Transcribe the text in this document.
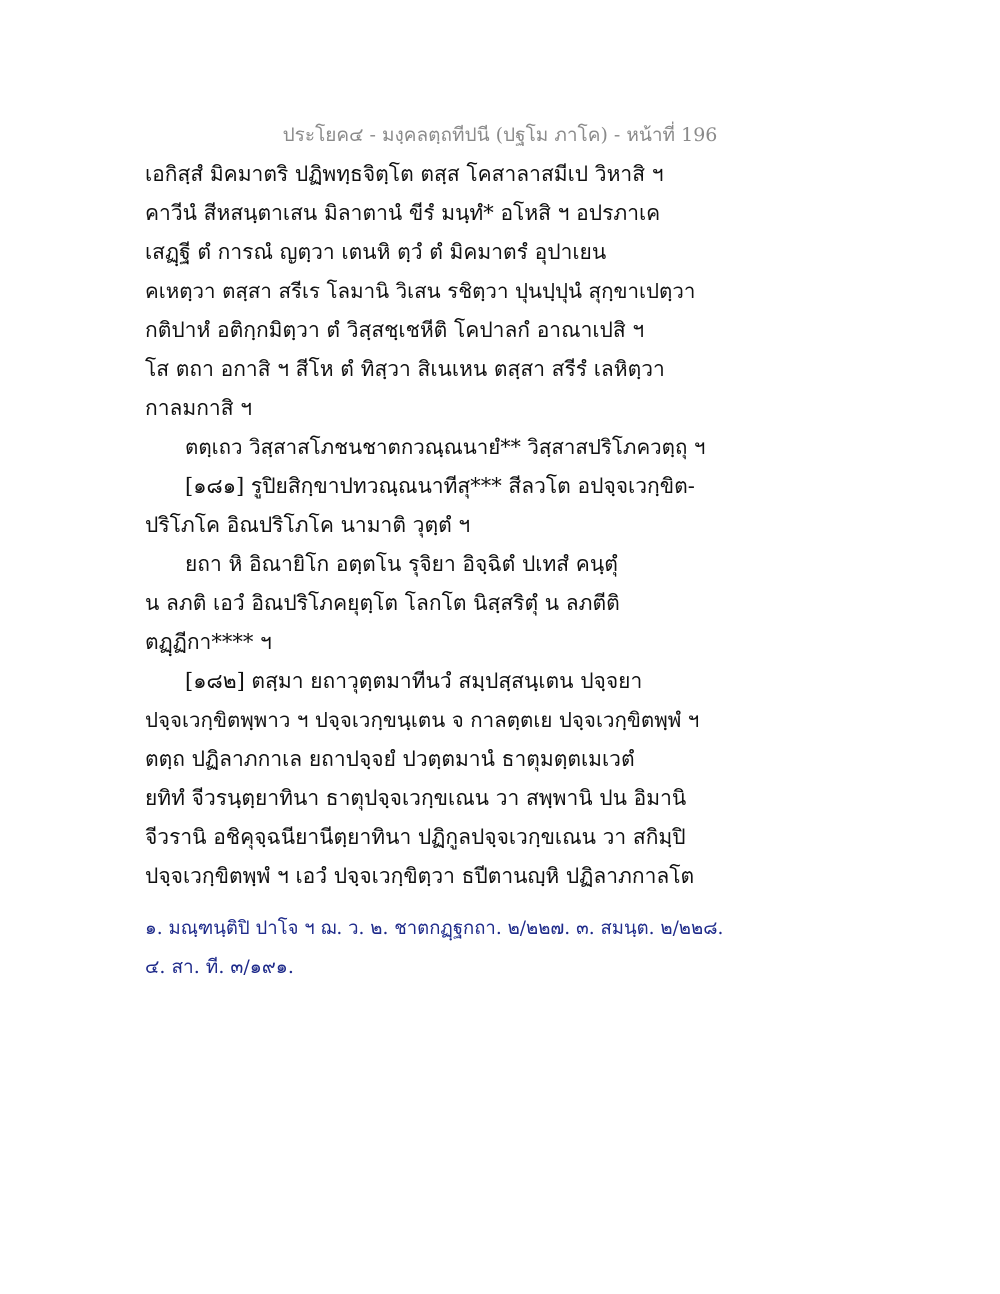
ประโยค๔ - มงฺคลตฺถทีปนี (ปฐโม ภาโค) - หน้าที่ 196
เอกิสฺสํ มิคมาตริ ปฏิพทฺธจิตฺโต ตสฺส โคสาลาสมีเป วิหาสิ ฯ
คาวีนํ สีหสนฺตาเสน มิลาตานํ ขีรํ มนฺทํ* อโหสิ ฯ อปรภาเค
เสฏฺฐี ตํ การณํ ญตฺวา เตนหิ ตฺวํ ตํ มิคมาตรํ อุปาเยน
คเหตฺวา ตสฺสา สรีเร โลมานิ วิเสน รชิตฺวา ปุนปฺปุนํ สุกฺขาเปตฺวา
กติปาหํ อติกฺกมิตฺวา ตํ วิสฺสชฺเชหีติ โคปาลกํ อาณาเปสิ ฯ
โส ตถา อกาสิ ฯ สีโห ตํ ทิสฺวา สิเนเหน ตสฺสา สรีรํ เลหิตฺวา
กาลมกาสิ ฯ
ตตฺเถว วิสฺสาสโภชนชาตกวณฺณนายํ** วิสฺสาสปริโภควตฺถุ ฯ
[๑๘๑] รูปิยสิกฺขาปทวณฺณนาทีสุ*** สีลวโต อปจฺจเวกฺขิต-
ปริโภโค อิณปริโภโค นามาติ วุตฺตํ ฯ
ยถา หิ อิณายิโก อตฺตโน รุจิยา อิจฺฉิตํ ปเทสํ คนฺตุํ
น ลภติ เอวํ อิณปริโภคยุตฺโต โลกโต นิสฺสริตุํ น ลภตีติ
ตฏฺฏีกา**** ฯ
[๑๘๒] ตสฺมา ยถาวุตฺตมาทีนวํ สมฺปสฺสนฺเตน ปจฺจยา
ปจฺจเวกฺขิตพฺพาว ฯ ปจฺจเวกฺขนฺเตน จ กาลตฺตเย ปจฺจเวกฺขิตพฺพํ ฯ
ตตฺถ ปฏิลาภกาเล ยถาปจฺจยํ ปวตฺตมานํ ธาตุมตฺตเมเวตํ
ยทิทํ จีวรนฺตฺยาทินา ธาตุปจฺจเวกฺขเณน วา สพฺพานิ ปน อิมานิ
จีวรานิ อชิคุจฺฉนียานีตฺยาทินา ปฏิกูลปจฺจเวกฺขเณน วา สกิมฺปิ
ปจฺจเวกฺขิตพฺพํ ฯ เอวํ ปจฺจเวกฺขิตฺวา ธปีตานญฺหิ ปฏิลาภกาลโต
๑. มณฺฑนฺติปิ ปาโจ ฯ ฌ. ว. ๒. ชาตกฏฺฐกถา. ๒/๒๒๗. ๓. สมนฺต. ๒/๒๒๘.
๔. สา. ที. ๓/๑๙๑.
